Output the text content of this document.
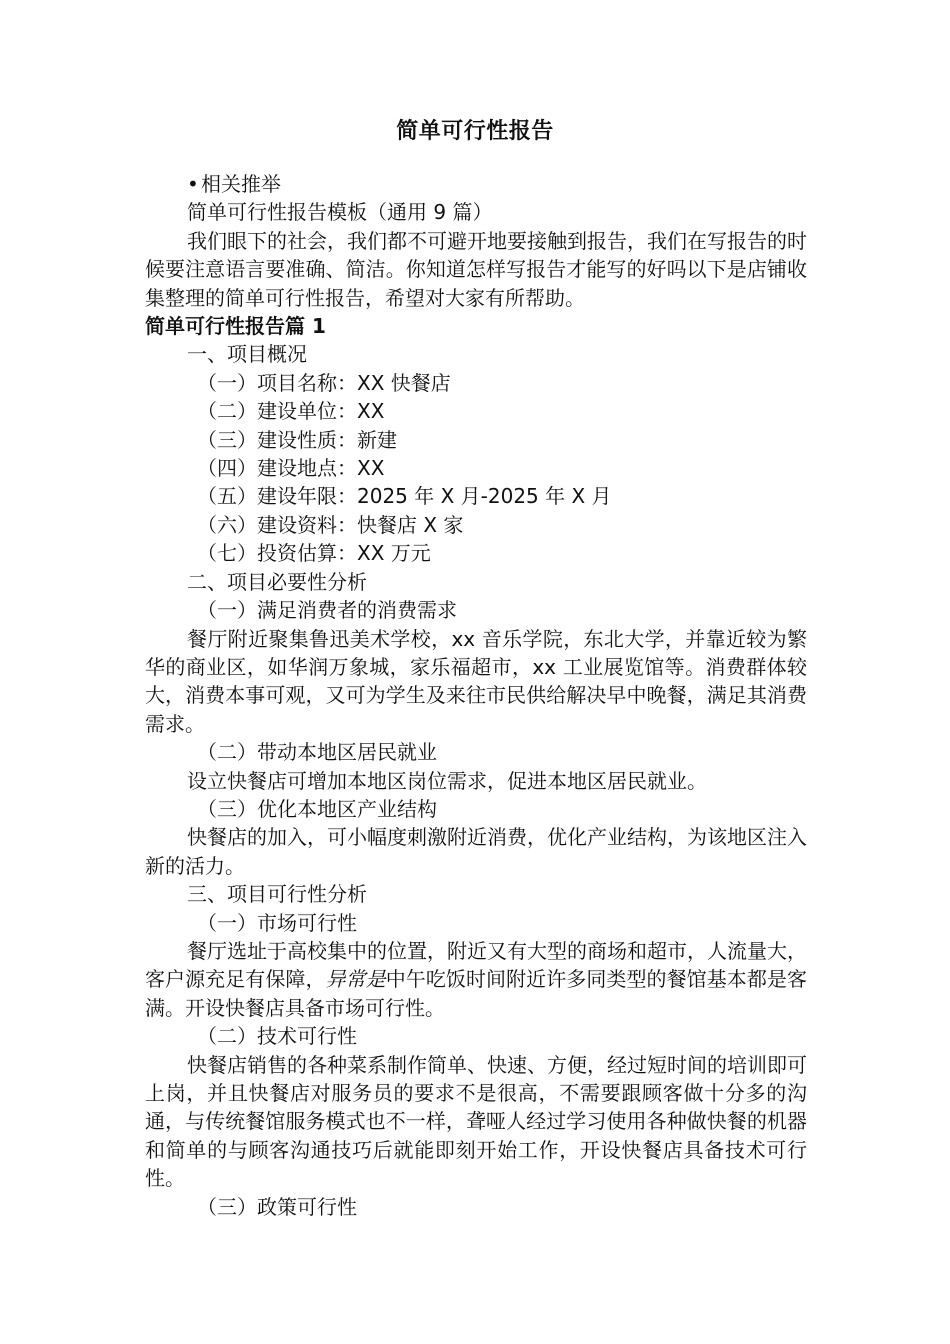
简单可行性报告

• 相关推举

简单可行性报告模板（通用 9 篇）

我们眼下的社会，我们都不可避开地要接触到报告，我们在写报告的时候要注意语言要准确、简洁。你知道怎样写报告才能写的好吗以下是店铺收集整理的简单可行性报告，希望对大家有所帮助。

简单可行性报告篇 1

一、项目概况

（一）项目名称：XX 快餐店

（二）建设单位：XX

（三）建设性质：新建

（四）建设地点：XX

（五）建设年限：2025 年 X 月-2025 年 X 月

（六）建设资料：快餐店 X 家

（七）投资估算：XX 万元

二、项目必要性分析

（一）满足消费者的消费需求

餐厅附近聚集鲁迅美术学校，xx 音乐学院，东北大学，并靠近较为繁华的商业区，如华润万象城，家乐福超市，xx 工业展览馆等。消费群体较大，消费本事可观，又可为学生及来往市民供给解决早中晚餐，满足其消费需求。

（二）带动本地区居民就业

设立快餐店可增加本地区岗位需求，促进本地区居民就业。

（三）优化本地区产业结构

快餐店的加入，可小幅度刺激附近消费，优化产业结构，为该地区注入新的活力。

三、项目可行性分析

（一）市场可行性

餐厅选址于高校集中的位置，附近又有大型的商场和超市，人流量大，客户源充足有保障，异常是中午吃饭时间附近许多同类型的餐馆基本都是客满。开设快餐店具备市场可行性。

（二）技术可行性

快餐店销售的各种菜系制作简单、快速、方便，经过短时间的培训即可上岗，并且快餐店对服务员的要求不是很高，不需要跟顾客做十分多的沟通，与传统餐馆服务模式也不一样，聋哑人经过学习使用各种做快餐的机器和简单的与顾客沟通技巧后就能即刻开始工作，开设快餐店具备技术可行性。

（三）政策可行性
